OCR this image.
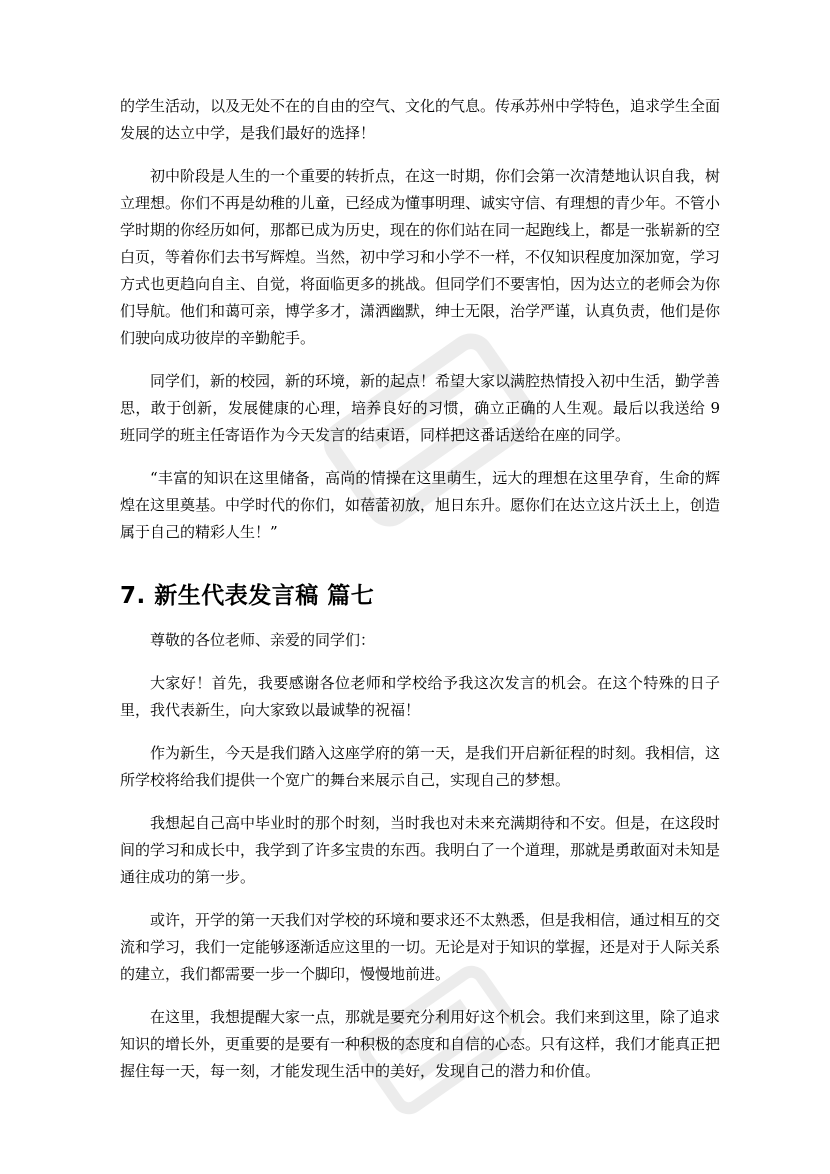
的学生活动，以及无处不在的自由的空气、文化的气息。传承苏州中学特色，追求学生全面发展的达立中学，是我们最好的选择！

初中阶段是人生的一个重要的转折点，在这一时期，你们会第一次清楚地认识自我，树立理想。你们不再是幼稚的儿童，已经成为懂事明理、诚实守信、有理想的青少年。不管小学时期的你经历如何，那都已成为历史，现在的你们站在同一起跑线上，都是一张崭新的空白页，等着你们去书写辉煌。当然，初中学习和小学不一样，不仅知识程度加深加宽，学习方式也更趋向自主、自觉，将面临更多的挑战。但同学们不要害怕，因为达立的老师会为你们导航。他们和蔼可亲，博学多才，潇洒幽默，绅士无限，治学严谨，认真负责，他们是你们驶向成功彼岸的辛勤舵手。

同学们，新的校园，新的环境，新的起点！希望大家以满腔热情投入初中生活，勤学善思，敢于创新，发展健康的心理，培养良好的习惯，确立正确的人生观。最后以我送给 9 班同学的班主任寄语作为今天发言的结束语，同样把这番话送给在座的同学。

“丰富的知识在这里储备，高尚的情操在这里萌生，远大的理想在这里孕育，生命的辉煌在这里奠基。中学时代的你们，如蓓蕾初放，旭日东升。愿你们在达立这片沃土上，创造属于自己的精彩人生！”

7. 新生代表发言稿 篇七

尊敬的各位老师、亲爱的同学们：

大家好！首先，我要感谢各位老师和学校给予我这次发言的机会。在这个特殊的日子里，我代表新生，向大家致以最诚挚的祝福！

作为新生，今天是我们踏入这座学府的第一天，是我们开启新征程的时刻。我相信，这所学校将给我们提供一个宽广的舞台来展示自己，实现自己的梦想。

我想起自己高中毕业时的那个时刻，当时我也对未来充满期待和不安。但是，在这段时间的学习和成长中，我学到了许多宝贵的东西。我明白了一个道理，那就是勇敢面对未知是通往成功的第一步。

或许，开学的第一天我们对学校的环境和要求还不太熟悉，但是我相信，通过相互的交流和学习，我们一定能够逐渐适应这里的一切。无论是对于知识的掌握，还是对于人际关系的建立，我们都需要一步一个脚印，慢慢地前进。

在这里，我想提醒大家一点，那就是要充分利用好这个机会。我们来到这里，除了追求知识的增长外，更重要的是要有一种积极的态度和自信的心态。只有这样，我们才能真正把握住每一天，每一刻，才能发现生活中的美好，发现自己的潜力和价值。
